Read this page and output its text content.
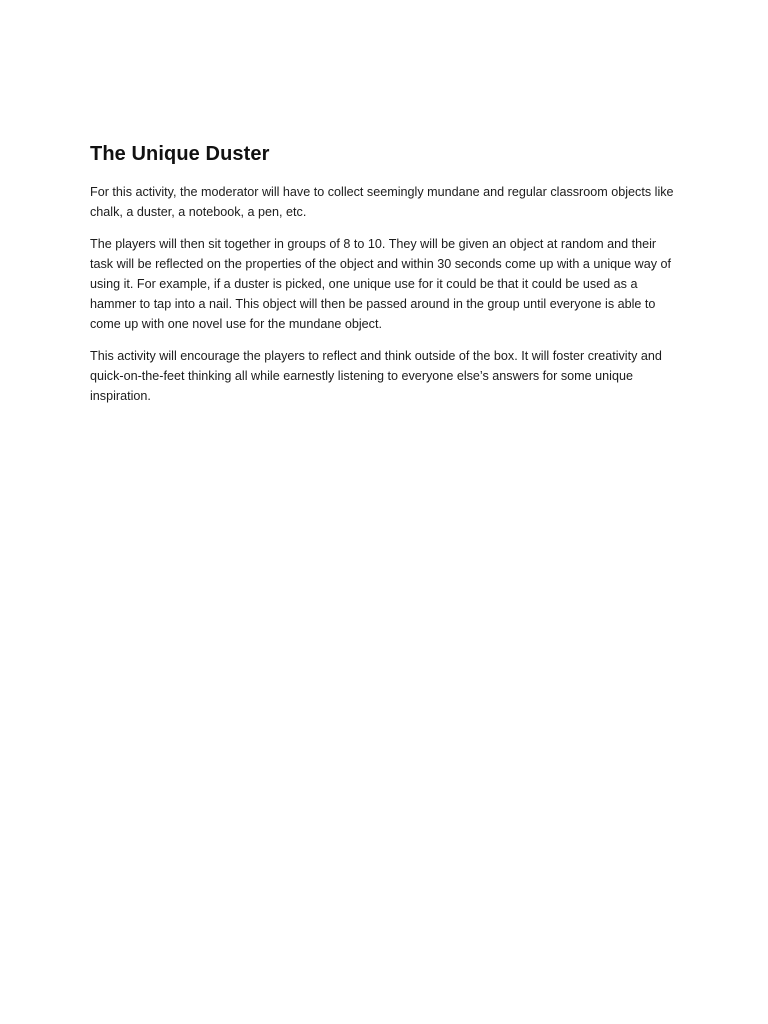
The Unique Duster

For this activity, the moderator will have to collect seemingly mundane and regular classroom objects like chalk, a duster, a notebook, a pen, etc.

The players will then sit together in groups of 8 to 10. They will be given an object at random and their task will be reflected on the properties of the object and within 30 seconds come up with a unique way of using it. For example, if a duster is picked, one unique use for it could be that it could be used as a hammer to tap into a nail. This object will then be passed around in the group until everyone is able to come up with one novel use for the mundane object.

This activity will encourage the players to reflect and think outside of the box. It will foster creativity and quick-on-the-feet thinking all while earnestly listening to everyone else’s answers for some unique inspiration.
